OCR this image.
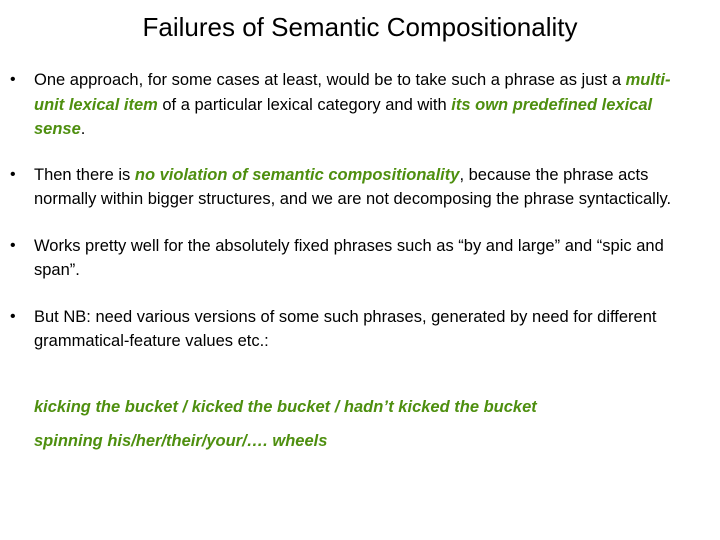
Failures of Semantic Compositionality
•	One approach, for some cases at least, would be to take such a phrase as just a multi-unit lexical item of a particular lexical category and with its own predefined lexical sense.
•	Then there is no violation of semantic compositionality, because the phrase acts normally within bigger structures, and we are not decomposing the phrase syntactically.
•	Works pretty well for the absolutely fixed phrases such as “by and large” and “spic and span”.
•	But NB: need various versions of some such phrases, generated by need for different grammatical-feature values etc.:
kicking the bucket / kicked the bucket / hadn’t kicked the bucket
spinning his/her/their/your/…. wheels
